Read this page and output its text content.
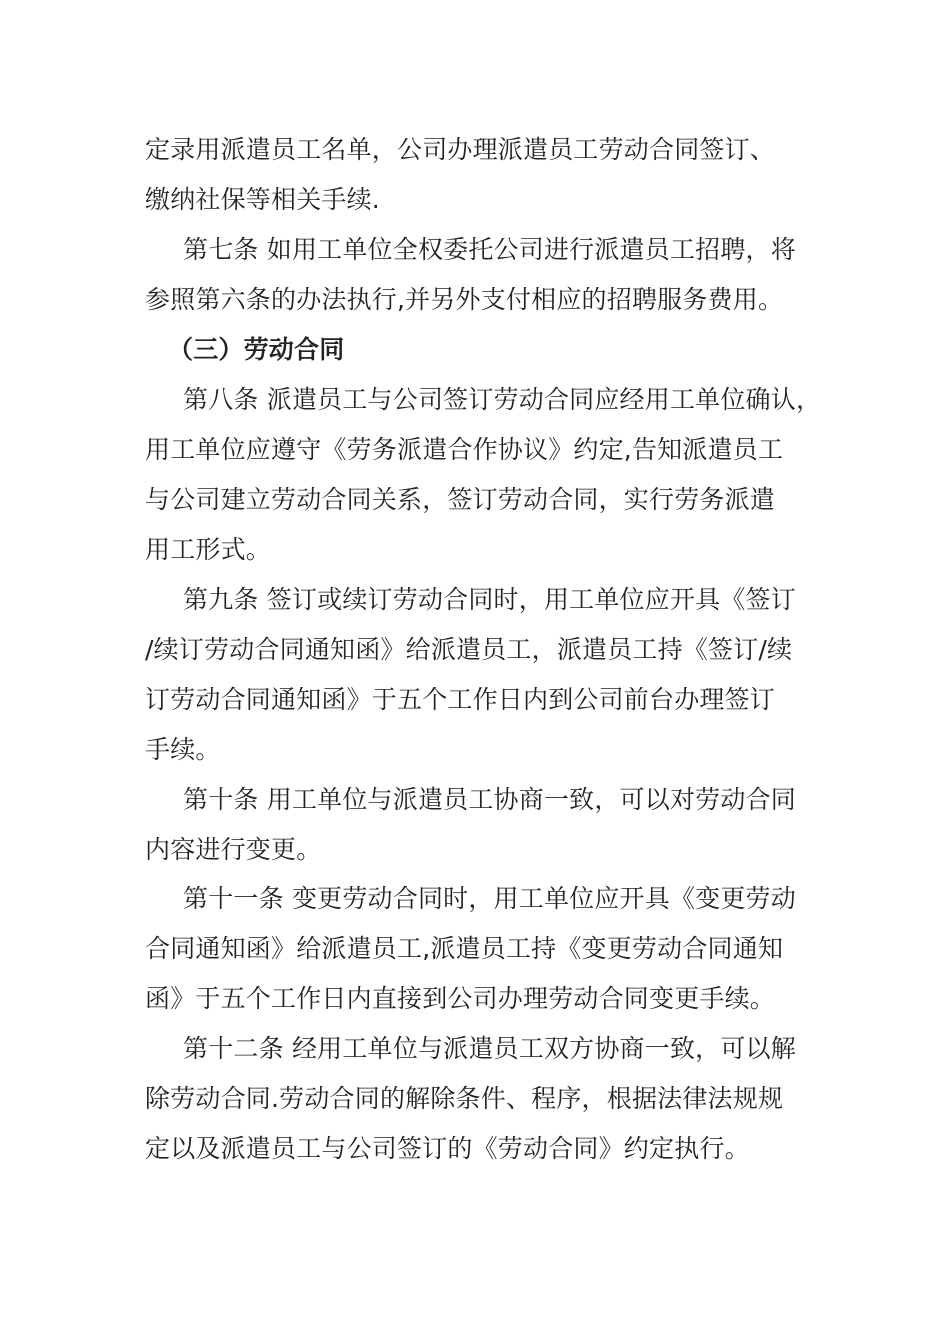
定录用派遣员工名单，公司办理派遣员工劳动合同签订、
缴纳社保等相关手续.
第七条 如用工单位全权委托公司进行派遣员工招聘，将
参照第六条的办法执行,并另外支付相应的招聘服务费用。
（三）劳动合同
第八条 派遣员工与公司签订劳动合同应经用工单位确认，
用工单位应遵守《劳务派遣合作协议》约定,告知派遣员工
与公司建立劳动合同关系，签订劳动合同，实行劳务派遣
用工形式。
第九条 签订或续订劳动合同时，用工单位应开具《签订
/续订劳动合同通知函》给派遣员工，派遣员工持《签订/续
订劳动合同通知函》于五个工作日内到公司前台办理签订
手续。
第十条 用工单位与派遣员工协商一致，可以对劳动合同
内容进行变更。
第十一条 变更劳动合同时，用工单位应开具《变更劳动
合同通知函》给派遣员工,派遣员工持《变更劳动合同通知
函》于五个工作日内直接到公司办理劳动合同变更手续。
第十二条 经用工单位与派遣员工双方协商一致，可以解
除劳动合同.劳动合同的解除条件、程序，根据法律法规规
定以及派遣员工与公司签订的《劳动合同》约定执行。
